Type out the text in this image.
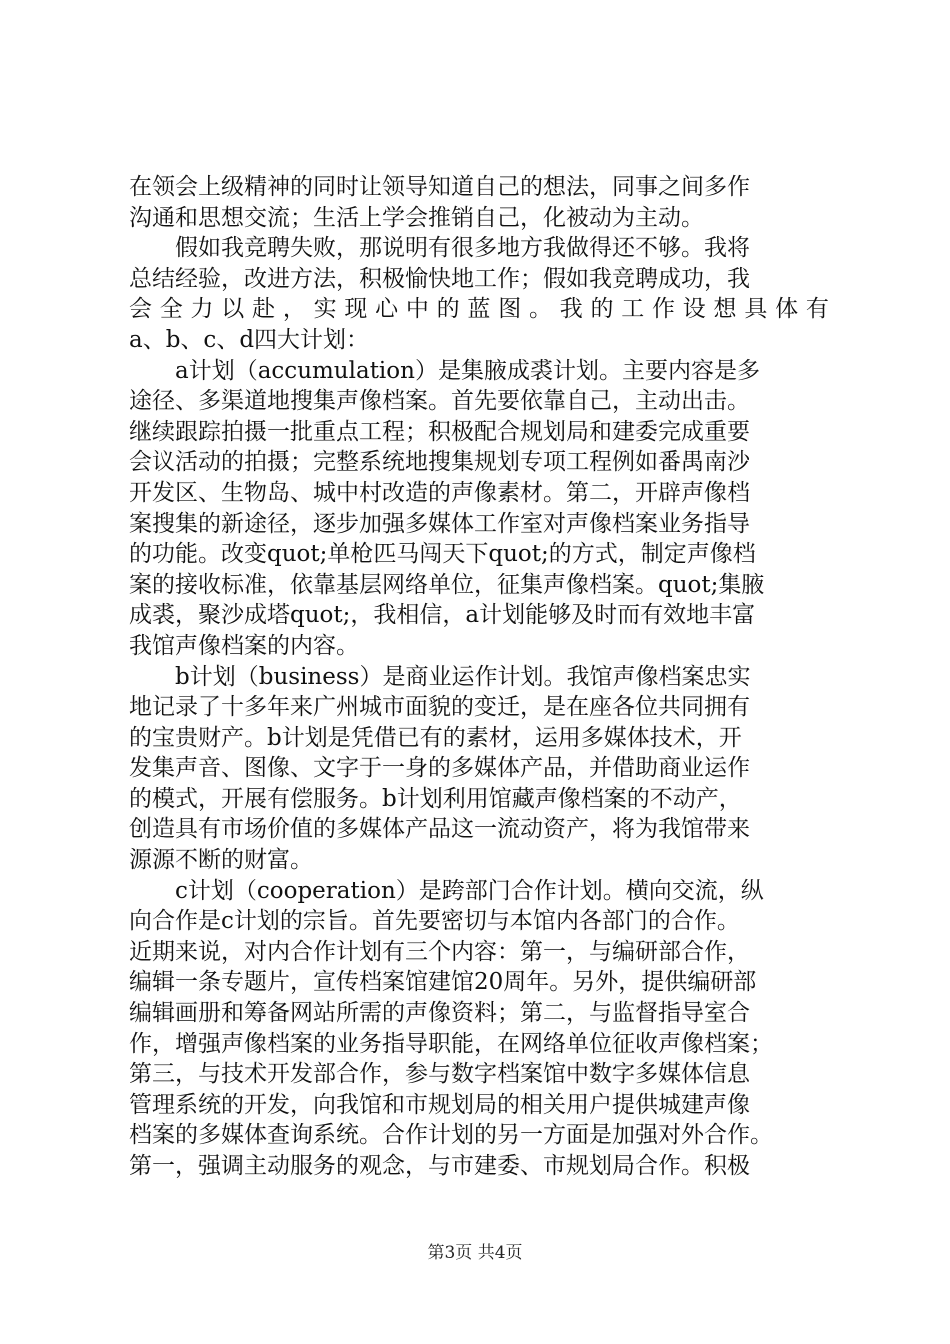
在领会上级精神的同时让领导知道自己的想法，同事之间多作
沟通和思想交流；生活上学会推销自己，化被动为主动。
假如我竞聘失败，那说明有很多地方我做得还不够。我将
总结经验，改进方法，积极愉快地工作；假如我竞聘成功，我
会 全 力 以 赴 ， 实 现 心 中 的 蓝 图 。 我 的 工 作 设 想 具 体 有
a、b、c、d四大计划：
a计划（accumulation）是集腋成裘计划。主要内容是多
途径、多渠道地搜集声像档案。首先要依靠自己，主动出击。
继续跟踪拍摄一批重点工程；积极配合规划局和建委完成重要
会议活动的拍摄；完整系统地搜集规划专项工程例如番禺南沙
开发区、生物岛、城中村改造的声像素材。第二，开辟声像档
案搜集的新途径，逐步加强多媒体工作室对声像档案业务指导
的功能。改变quot;单枪匹马闯天下quot;的方式，制定声像档
案的接收标准，依靠基层网络单位，征集声像档案。quot;集腋
成裘，聚沙成塔quot;，我相信，a计划能够及时而有效地丰富
我馆声像档案的内容。
b计划（business）是商业运作计划。我馆声像档案忠实
地记录了十多年来广州城市面貌的变迁，是在座各位共同拥有
的宝贵财产。b计划是凭借已有的素材，运用多媒体技术，开
发集声音、图像、文字于一身的多媒体产品，并借助商业运作
的模式，开展有偿服务。b计划利用馆藏声像档案的不动产，
创造具有市场价值的多媒体产品这一流动资产，将为我馆带来
源源不断的财富。
c计划（cooperation）是跨部门合作计划。横向交流，纵
向合作是c计划的宗旨。首先要密切与本馆内各部门的合作。
近期来说，对内合作计划有三个内容：第一，与编研部合作，
编辑一条专题片，宣传档案馆建馆20周年。另外，提供编研部
编辑画册和筹备网站所需的声像资料；第二，与监督指导室合
作，增强声像档案的业务指导职能，在网络单位征收声像档案；
第三，与技术开发部合作，参与数字档案馆中数字多媒体信息
管理系统的开发，向我馆和市规划局的相关用户提供城建声像
档案的多媒体查询系统。合作计划的另一方面是加强对外合作。
第一，强调主动服务的观念，与市建委、市规划局合作。积极
第3页 共4页
